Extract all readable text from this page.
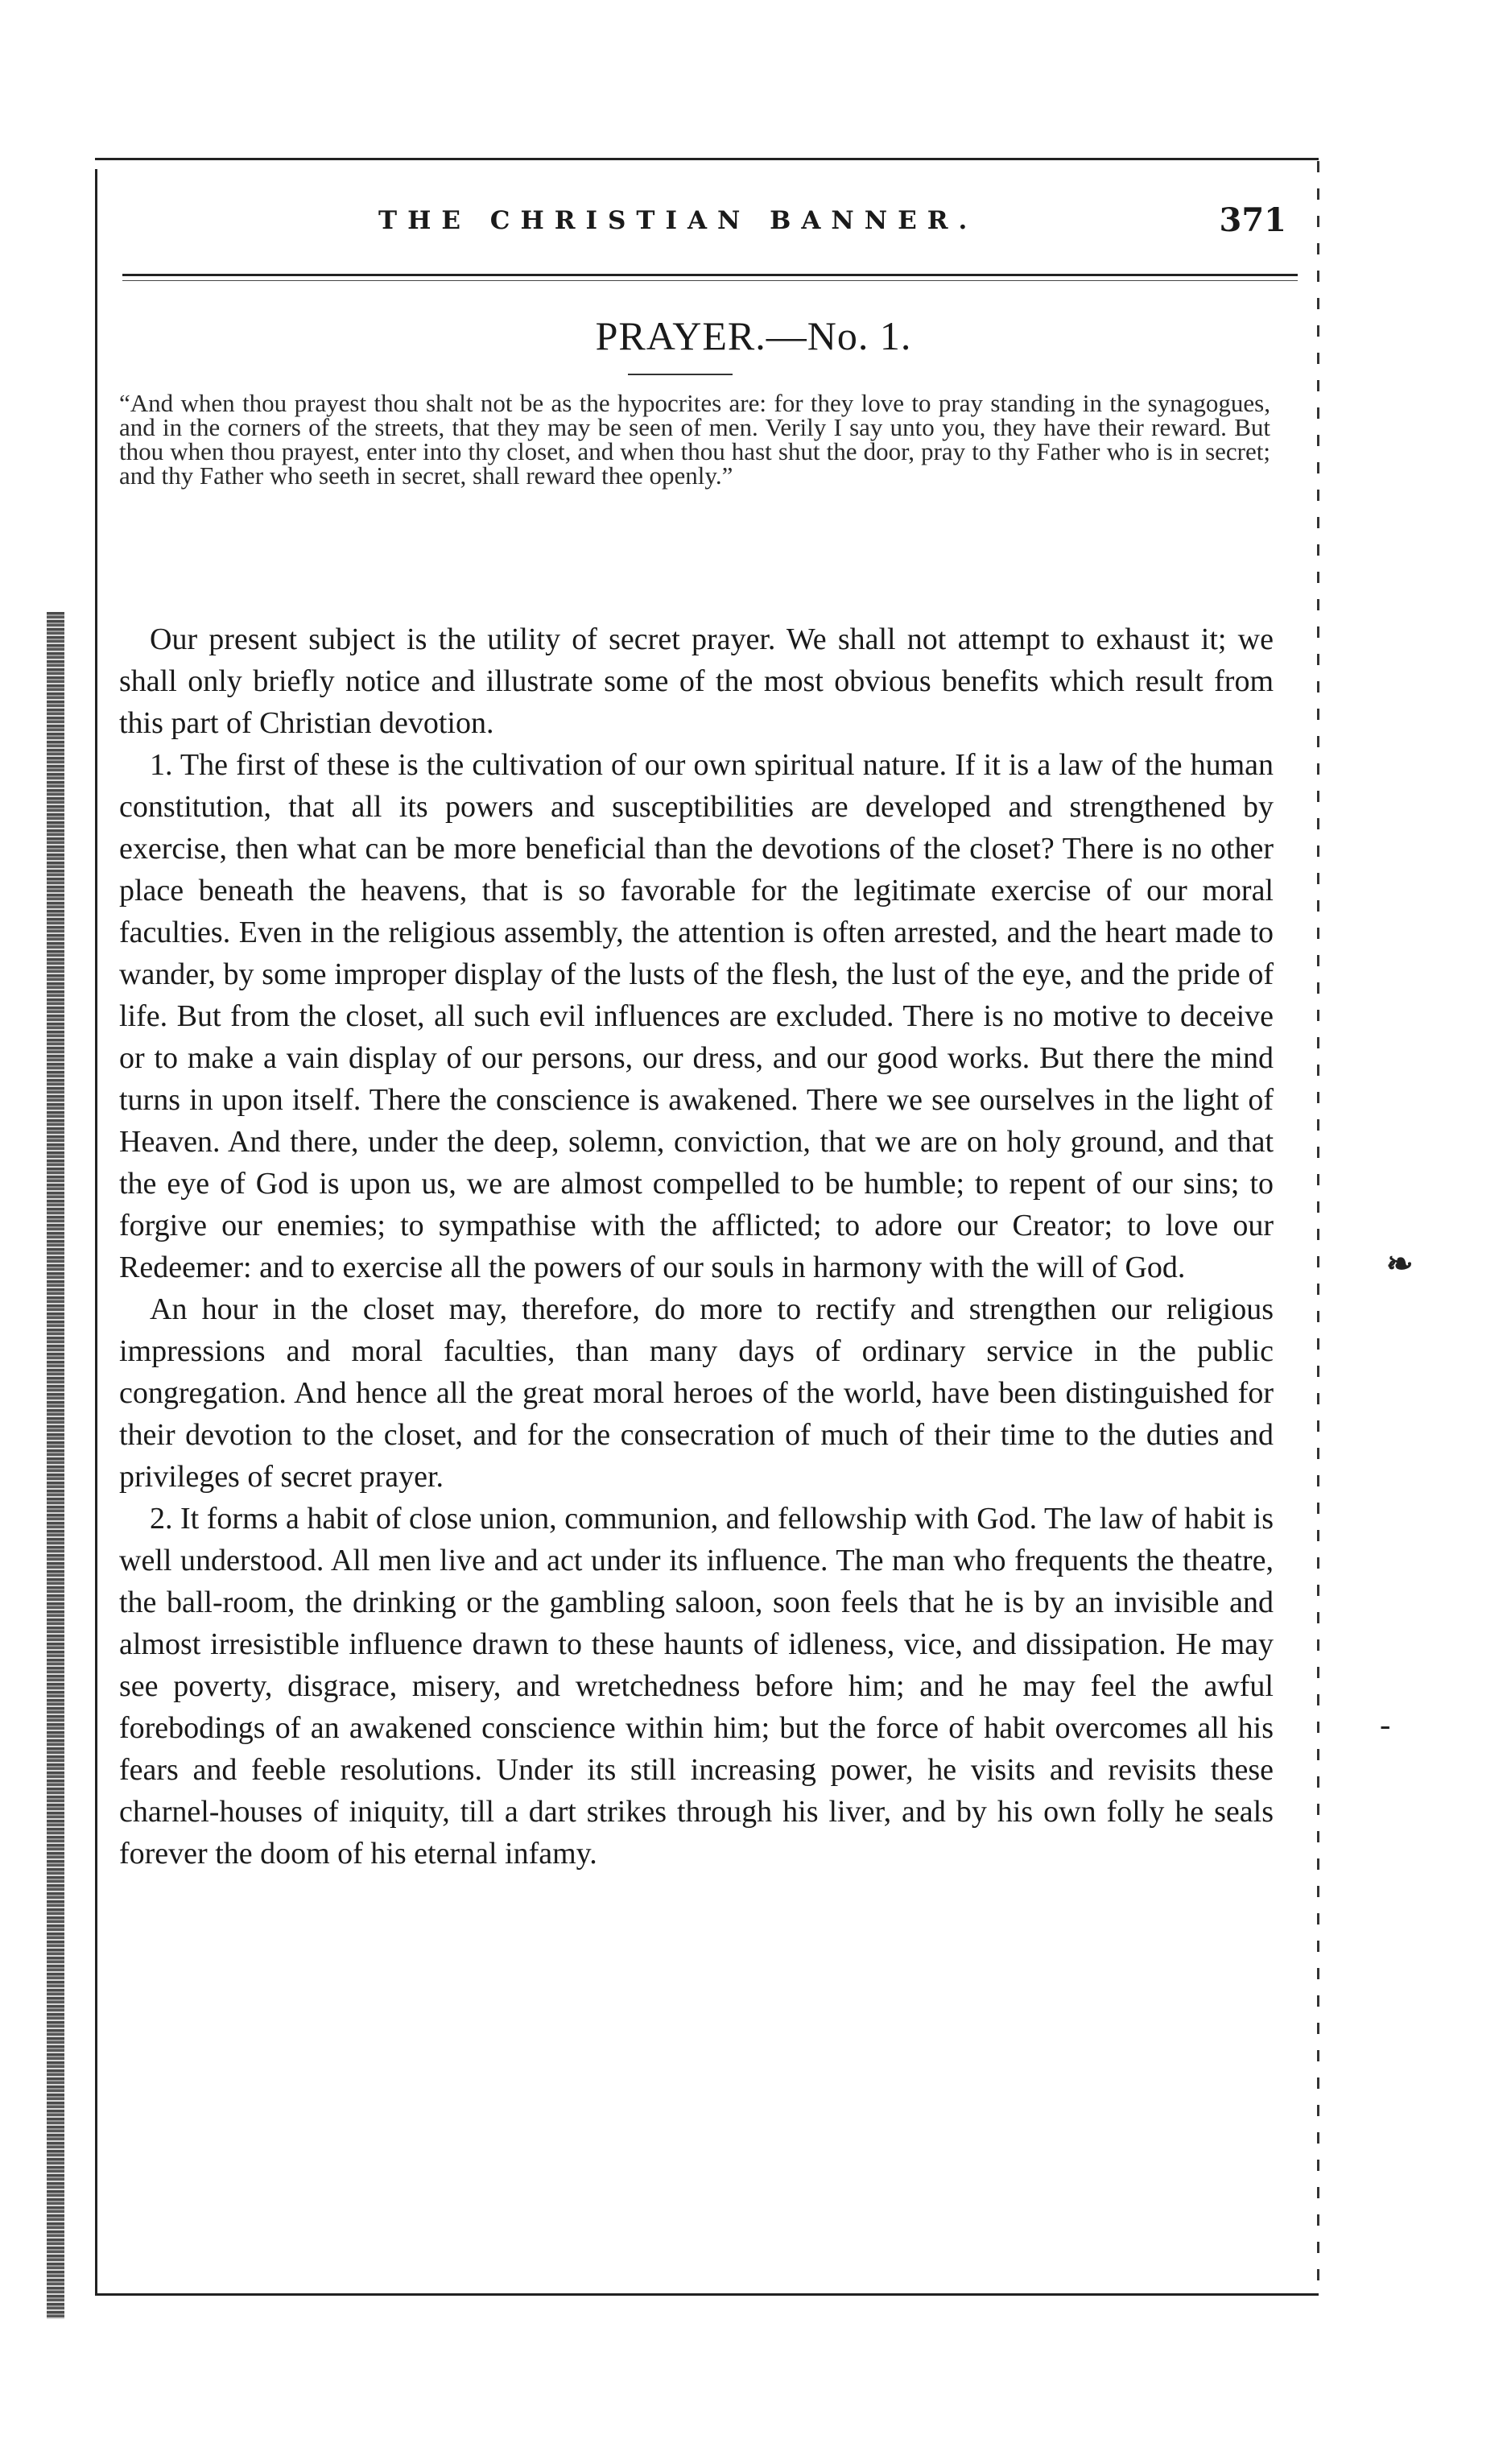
THE CHRISTIAN BANNER.	371
PRAYER.—No. 1.
“And when thou prayest thou shalt not be as the hypocrites are: for they love to pray standing in the synagogues, and in the corners of the streets, that they may be seen of men. Verily I say unto you, they have their reward. But thou when thou prayest, enter into thy closet, and when thou hast shut the door, pray to thy Father who is in secret; and thy Father who seeth in secret, shall reward thee openly.”

Our present subject is the utility of secret prayer. We shall not attempt to exhaust it; we shall only briefly notice and illustrate some of the most obvious benefits which result from this part of Christian devotion.

1. The first of these is the cultivation of our own spiritual nature. If it is a law of the human constitution, that all its powers and susceptibilities are developed and strengthened by exercise, then what can be more beneficial than the devotions of the closet? There is no other place beneath the heavens, that is so favorable for the legitimate exercise of our moral faculties. Even in the religious assembly, the attention is often arrested, and the heart made to wander, by some improper display of the lusts of the flesh, the lust of the eye, and the pride of life. But from the closet, all such evil influences are excluded. There is no motive to deceive or to make a vain display of our persons, our dress, and our good works. But there the mind turns in upon itself. There the conscience is awakened. There we see ourselves in the light of Heaven. And there, under the deep, solemn, conviction, that we are on holy ground, and that the eye of God is upon us, we are almost compelled to be humble; to repent of our sins; to forgive our enemies; to sympathise with the afflicted; to adore our Creator; to love our Redeemer: and to exercise all the powers of our souls in harmony with the will of God.

An hour in the closet may, therefore, do more to rectify and strengthen our religious impressions and moral faculties, than many days of ordinary service in the public congregation. And hence all the great moral heroes of the world, have been distinguished for their devotion to the closet, and for the consecration of much of their time to the duties and privileges of secret prayer.

2. It forms a habit of close union, communion, and fellowship with God. The law of habit is well understood. All men live and act under its influence. The man who frequents the theatre, the ball-room, the drinking or the gambling saloon, soon feels that he is by an invisible and almost irresistible influence drawn to these haunts of idleness, vice, and dissipation. He may see poverty, disgrace, misery, and wretchedness before him; and he may feel the awful forebodings of an awakened conscience within him; but the force of habit overcomes all his fears and feeble resolutions. Under its still increasing power, he visits and revisits these charnel-houses of iniquity, till a dart strikes through his liver, and by his own folly he seals forever the doom of his eternal infamy.

❧
-
